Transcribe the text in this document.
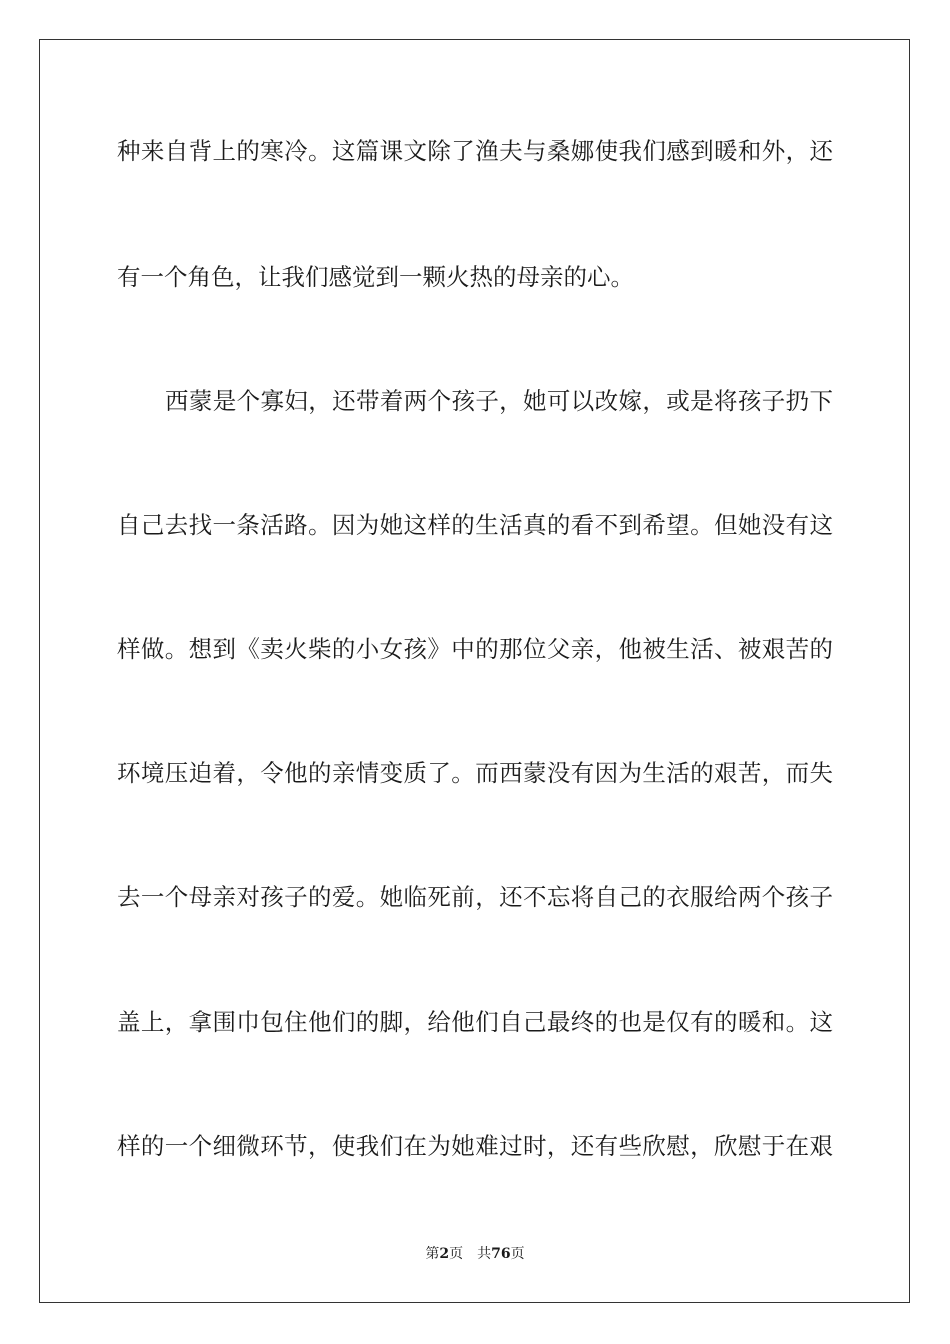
种来自背上的寒冷。这篇课文除了渔夫与桑娜使我们感到暖和外，还
有一个角色，让我们感觉到一颗火热的母亲的心。
西蒙是个寡妇，还带着两个孩子，她可以改嫁，或是将孩子扔下
自己去找一条活路。因为她这样的生活真的看不到希望。但她没有这
样做。想到《卖火柴的小女孩》中的那位父亲，他被生活、被艰苦的
环境压迫着，令他的亲情变质了。而西蒙没有因为生活的艰苦，而失
去一个母亲对孩子的爱。她临死前，还不忘将自己的衣服给两个孩子
盖上，拿围巾包住他们的脚，给他们自己最终的也是仅有的暖和。这
样的一个细微环节，使我们在为她难过时，还有些欣慰，欣慰于在艰
第2页 共76页
